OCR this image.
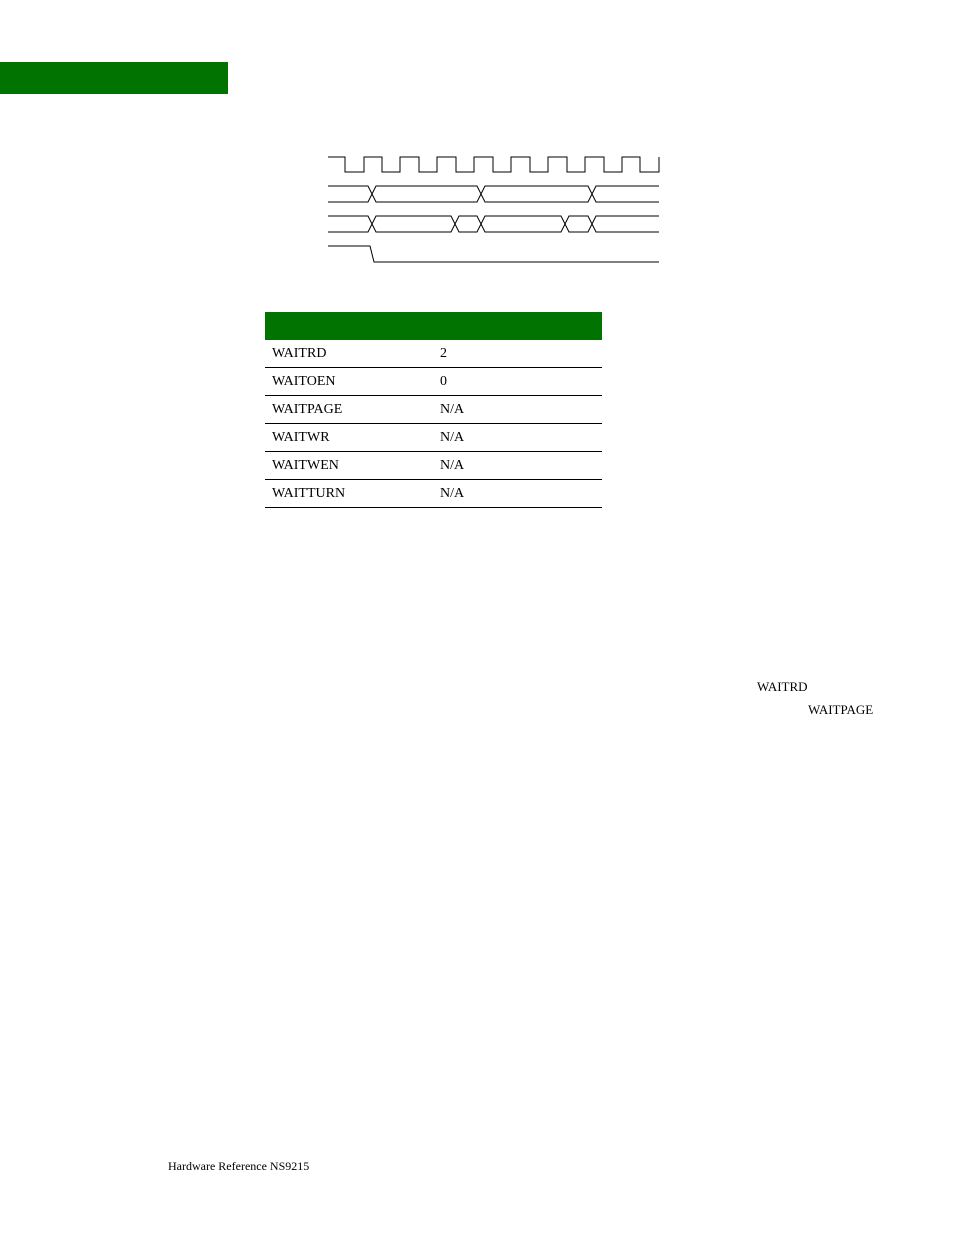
WAITRD	2
WAITOEN	0
WAITPAGE	N/A
WAITWR	N/A
WAITWEN	N/A
WAITTURN	N/A
WAITRD
WAITPAGE
Hardware Reference NS9215
